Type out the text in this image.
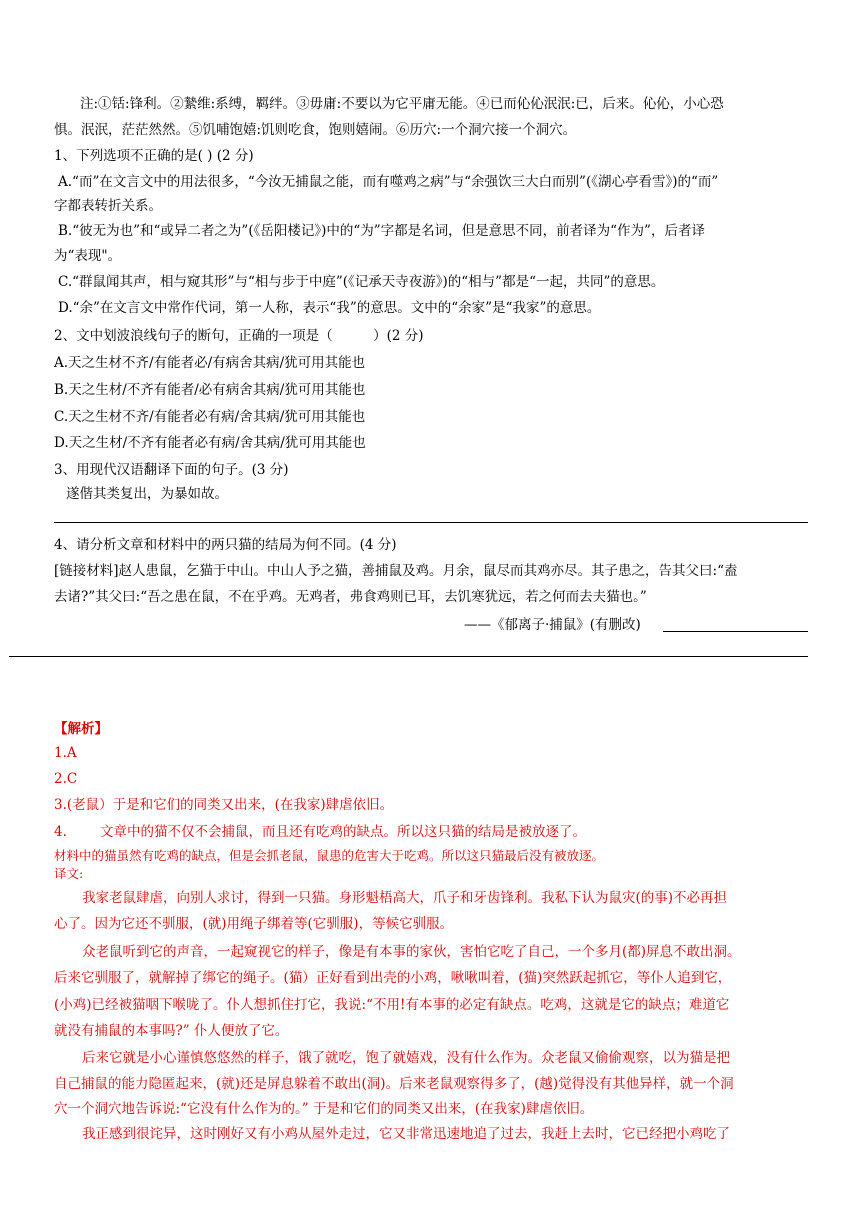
注:①铦:锋利。②縶维:系缚，羁绊。③毋庸:不要以为它平庸无能。④已而伈伈泯泯:已，后来。伈伈，小心恐
惧。泯泯，茫茫然然。⑤饥哺饱嬉:饥则吃食，饱则嬉闹。⑥历穴:一个洞穴接一个洞穴。
1、下列选项不正确的是( ) (2 分)
A.“而”在文言文中的用法很多，“今汝无捕鼠之能，而有噬鸡之病”与“余强饮三大白而别”(《湖心亭看雪》)的“而”
字都表转折关系。
B.“彼无为也”和“或异二者之为”(《岳阳楼记》)中的“为”字都是名词，但是意思不同，前者译为“作为”，后者译
为“表现"。
C.“群鼠闻其声，相与窥其形”与“相与步于中庭”(《记承天寺夜游》)的“相与”都是“一起，共同”的意思。
D.“余”在文言文中常作代词，第一人称，表示“我”的意思。文中的“余家”是“我家”的意思。
2、文中划波浪线句子的断句，正确的一项是（　　　）(2 分)
A.天之生材不齐/有能者必/有病舍其病/犹可用其能也
B.天之生材/不齐有能者/必有病舍其病/犹可用其能也
C.天之生材不齐/有能者必有病/舍其病/犹可用其能也
D.天之生材/不齐有能者必有病/舍其病/犹可用其能也
3、用现代汉语翻译下面的句子。(3 分)
遂偕其类复出，为暴如故。
4、请分析文章和材料中的两只猫的结局为何不同。(4 分)
[链接材料]赵人患鼠，乞猫于中山。中山人予之猫，善捕鼠及鸡。月余，鼠尽而其鸡亦尽。其子患之，告其父曰:“盍
去诸?”其父曰:“吾之患在鼠，不在乎鸡。无鸡者，弗食鸡则已耳，去饥寒犹远，若之何而去夫猫也。”
——《郁离子·捕鼠》(有删改)
【解析】
1.A
2.C
3.(老鼠）于是和它们的同类又出来，(在我家)肆虐依旧。
4. 文章中的猫不仅不会捕鼠，而且还有吃鸡的缺点。所以这只猫的结局是被放逐了。
材料中的猫虽然有吃鸡的缺点，但是会抓老鼠，鼠患的危害大于吃鸡。所以这只猫最后没有被放逐。
译文:
我家老鼠肆虐，向别人求讨，得到一只猫。身形魁梧高大，爪子和牙齿锋利。我私下认为鼠灾(的事)不必再担
心了。因为它还不驯服，(就)用绳子绑着等(它驯服)，等候它驯服。
众老鼠听到它的声音，一起窥视它的样子，像是有本事的家伙，害怕它吃了自己，一个多月(都)屏息不敢出洞。
后来它驯服了，就解掉了绑它的绳子。(猫）正好看到出壳的小鸡，啾啾叫着，(猫)突然跃起抓它，等仆人追到它，
(小鸡)已经被猫咽下喉咙了。仆人想抓住打它，我说:“不用!有本事的必定有缺点。吃鸡，这就是它的缺点；难道它
就没有捕鼠的本事吗?” 仆人便放了它。
后来它就是小心谨慎悠悠然的样子，饿了就吃，饱了就嬉戏，没有什么作为。众老鼠又偷偷观察，以为猫是把
自己捕鼠的能力隐匿起来，(就)还是屏息躲着不敢出(洞)。后来老鼠观察得多了，(越)觉得没有其他异样，就一个洞
穴一个洞穴地告诉说:“它没有什么作为的。” 于是和它们的同类又出来，(在我家)肆虐依旧。
我正感到很诧异，这时刚好又有小鸡从屋外走过，它又非常迅速地追了过去，我赶上去时，它已经把小鸡吃了
